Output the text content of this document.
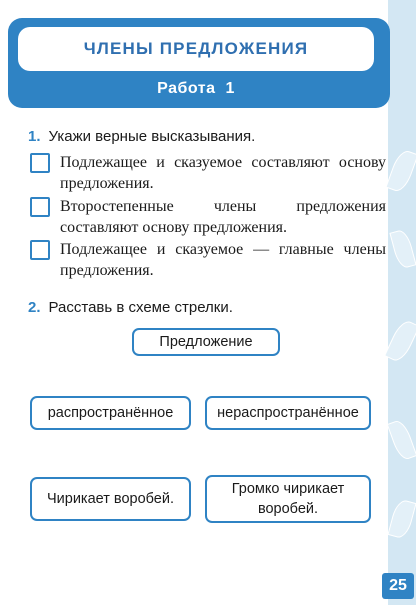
ЧЛЕНЫ ПРЕДЛОЖЕНИЯ
Работа 1
1. Укажи верные высказывания.
Подлежащее и сказуемое составляют основу предложения.
Второстепенные члены предложения составляют основу предложения.
Подлежащее и сказуемое — главные члены предложения.
2. Расставь в схеме стрелки.
Предложение
распространённое	нераспространённое
Чирикает воробей.
Громко чирикает воробей.
25
